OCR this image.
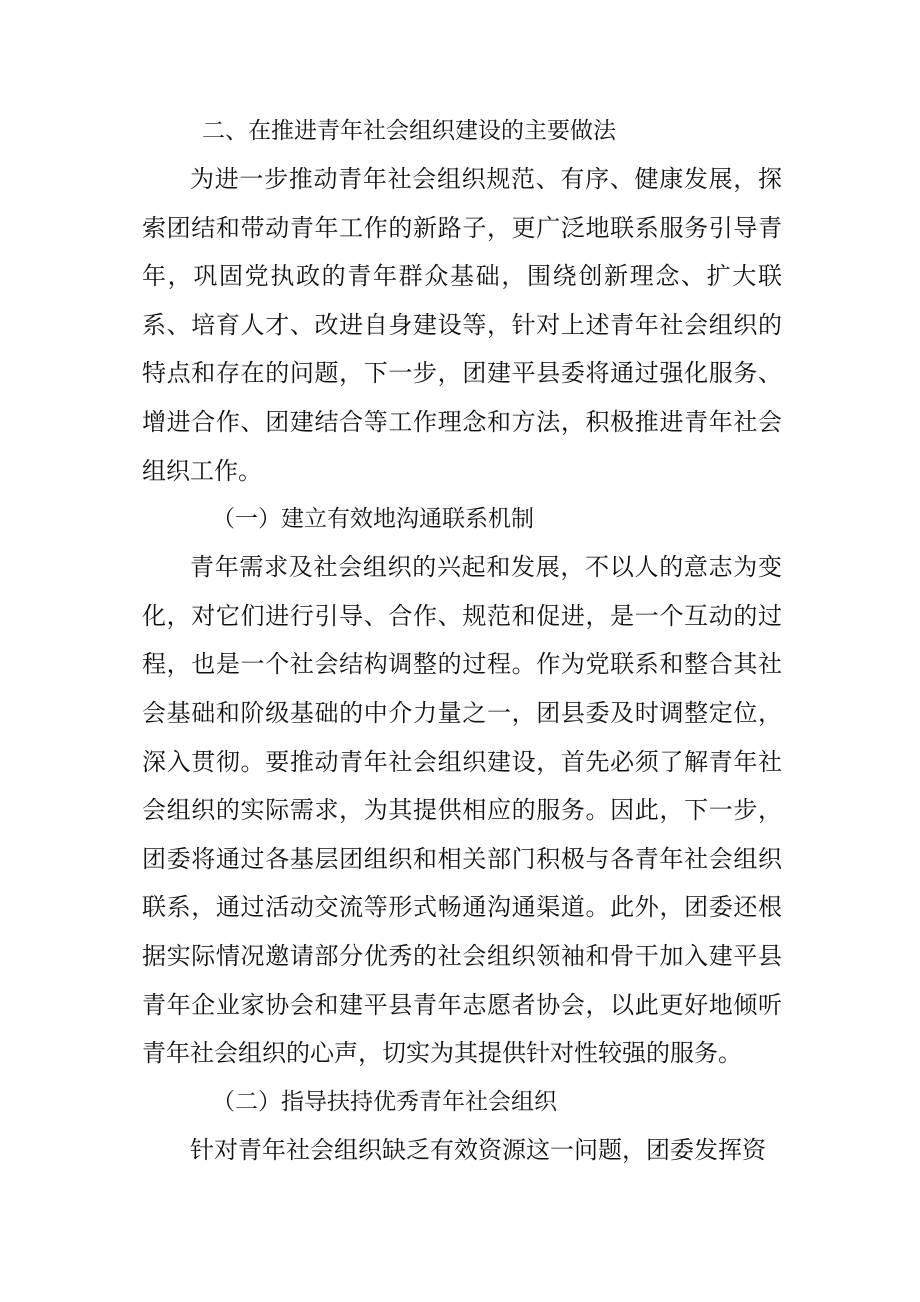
二、在推进青年社会组织建设的主要做法

为进一步推动青年社会组织规范、有序、健康发展，探索团结和带动青年工作的新路子，更广泛地联系服务引导青年，巩固党执政的青年群众基础，围绕创新理念、扩大联系、培育人才、改进自身建设等，针对上述青年社会组织的特点和存在的问题，下一步，团建平县委将通过强化服务、增进合作、团建结合等工作理念和方法，积极推进青年社会组织工作。

（一）建立有效地沟通联系机制

青年需求及社会组织的兴起和发展，不以人的意志为变化，对它们进行引导、合作、规范和促进，是一个互动的过程，也是一个社会结构调整的过程。作为党联系和整合其社会基础和阶级基础的中介力量之一，团县委及时调整定位，深入贯彻。要推动青年社会组织建设，首先必须了解青年社会组织的实际需求，为其提供相应的服务。因此，下一步，团委将通过各基层团组织和相关部门积极与各青年社会组织联系，通过活动交流等形式畅通沟通渠道。此外，团委还根据实际情况邀请部分优秀的社会组织领袖和骨干加入建平县青年企业家协会和建平县青年志愿者协会，以此更好地倾听青年社会组织的心声，切实为其提供针对性较强的服务。

（二）指导扶持优秀青年社会组织

针对青年社会组织缺乏有效资源这一问题，团委发挥资
